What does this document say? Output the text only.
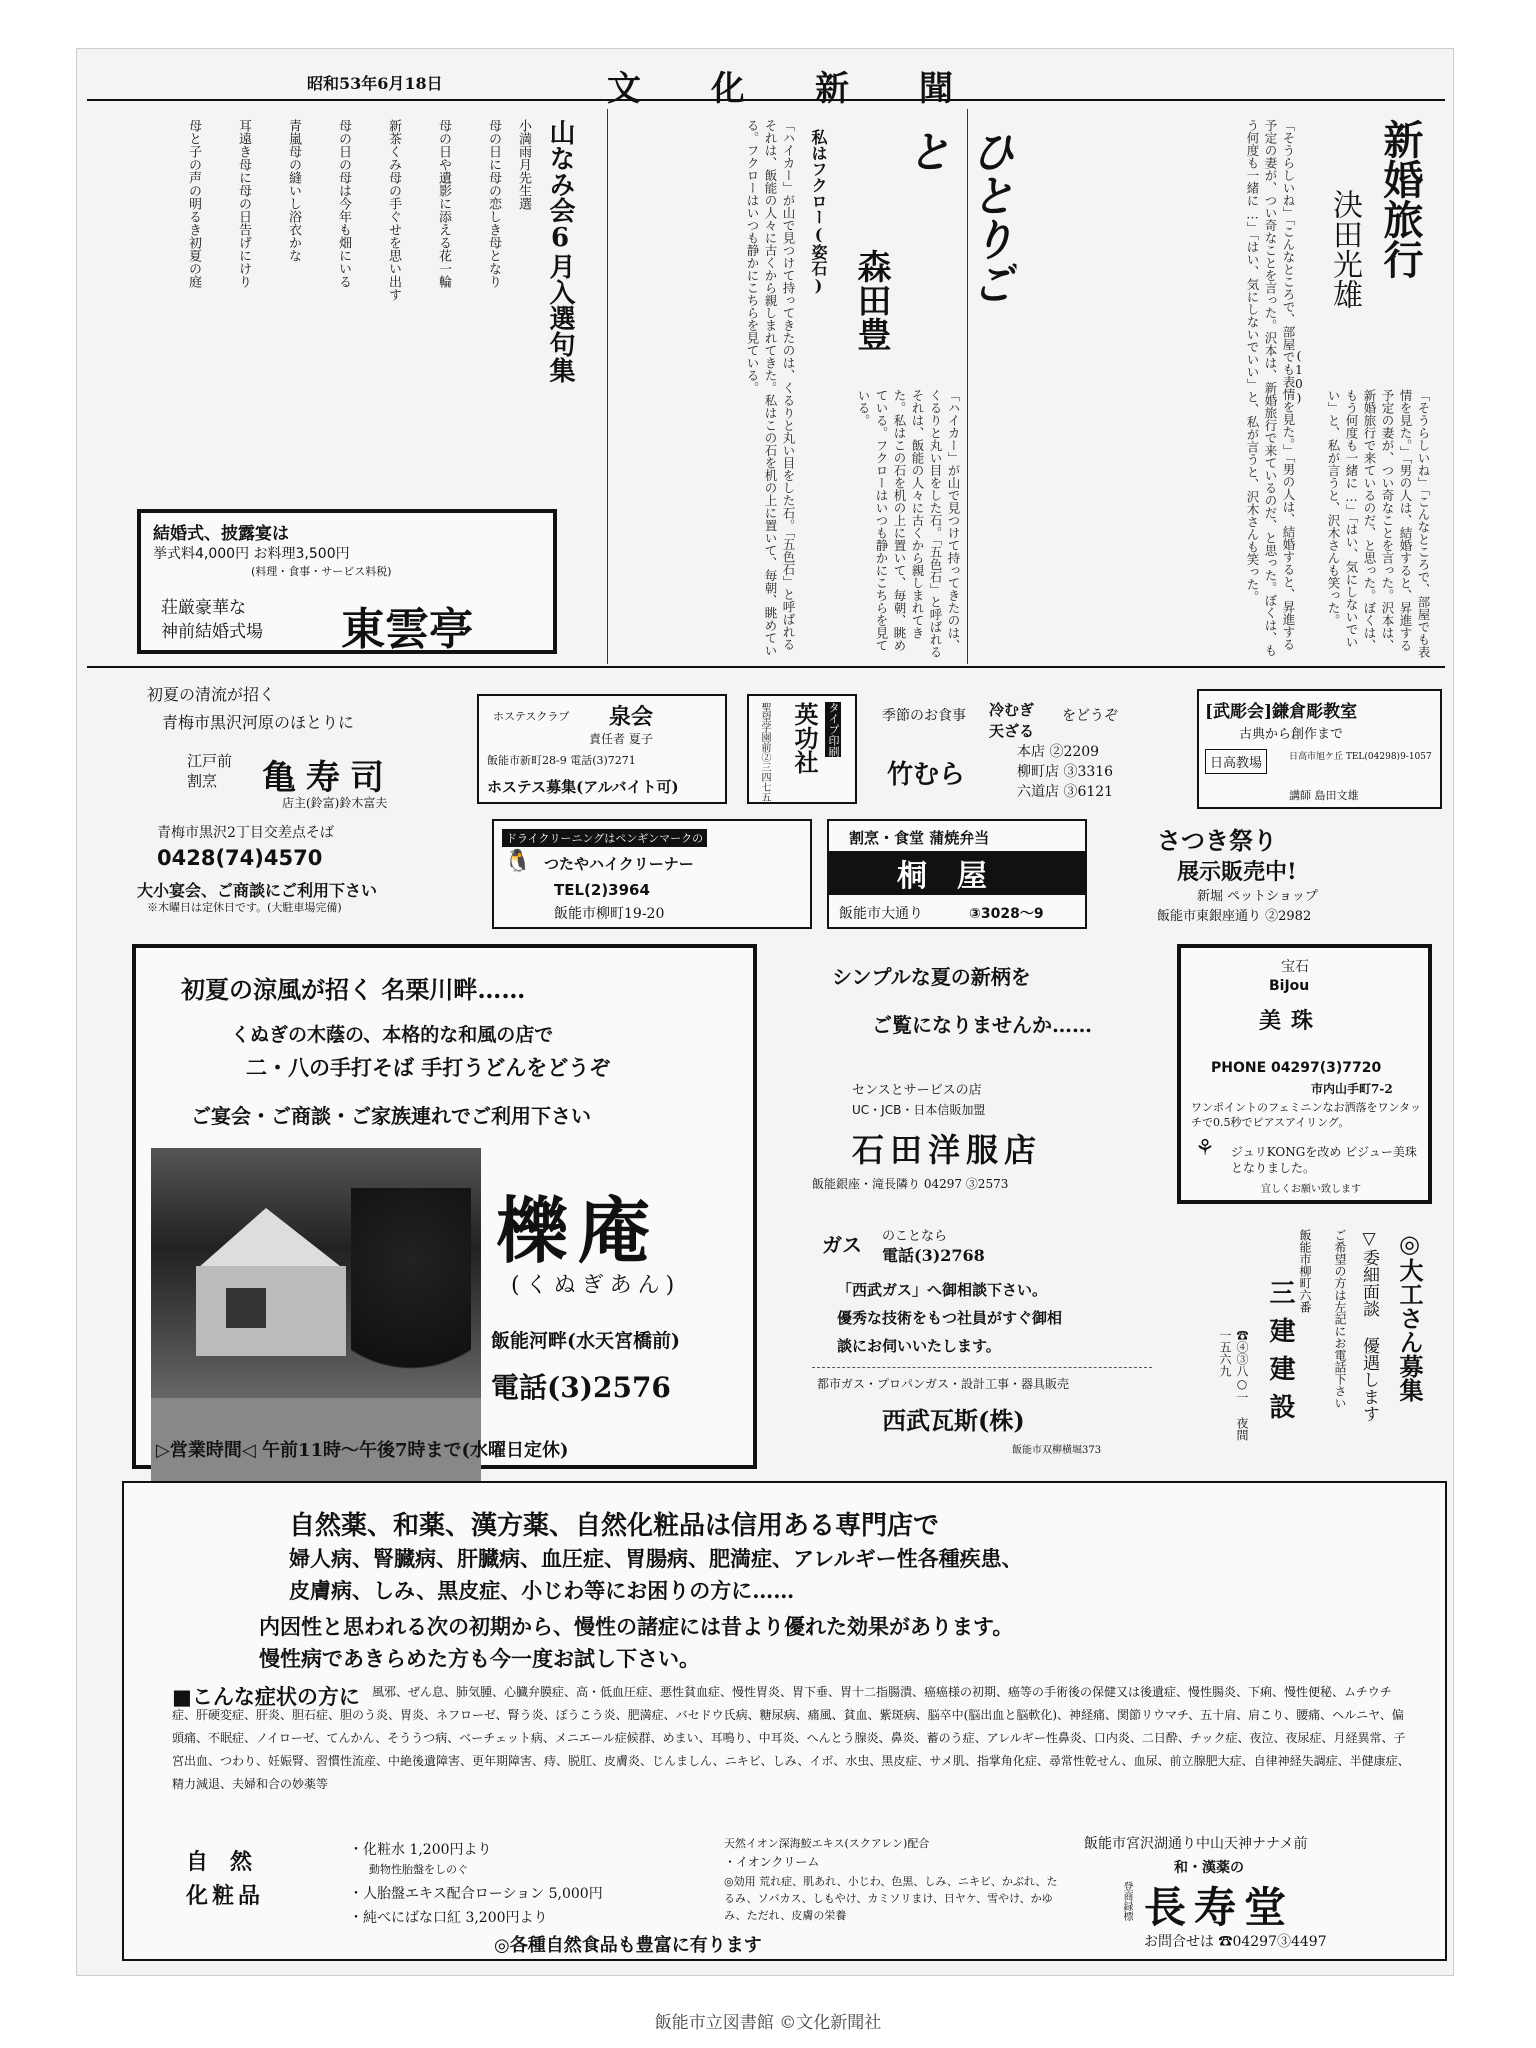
昭和53年6月18日	文化新聞
新婚旅行
決田光雄
(10)
「そうらしいね」「こんなところで、部屋でも表情を見た。」「男の人は、結婚すると、昇進する予定の妻が、つい奇なことを言った。沢本は、新婚旅行で来ているのだ、と思った。ぼくは、もう何度も一緒に…」「はい、気にしないでいい」と、私が言うと、沢木さんも笑った。	「そうらしいね」「こんなところで、部屋でも表情を見た。」「男の人は、結婚すると、昇進する予定の妻が、つい奇なことを言った。沢本は、新婚旅行で来ているのだ、と思った。ぼくは、もう何度も一緒に…」「はい、気にしないでいい」と、私が言うと、沢木さんも笑った。
ひとりごと
森田豊
私はフクロー(姿石)
「ハイカー」が山で見つけて持ってきたのは、くるりと丸い目をした石。「五色石」と呼ばれるそれは、飯能の人々に古くから親しまれてきた。私はこの石を机の上に置いて、毎朝、眺めている。フクローはいつも静かにこちらを見ている。
「ハイカー」が山で見つけて持ってきたのは、くるりと丸い目をした石。「五色石」と呼ばれるそれは、飯能の人々に古くから親しまれてきた。私はこの石を机の上に置いて、毎朝、眺めている。フクローはいつも静かにこちらを見ている。
山なみ会6月入選句集
小満雨月先生選
母の日に母の恋しき母となり
母の日や遺影に添える花一輪
新茶くみ母の手ぐせを思い出す
母の日の母は今年も畑にいる
青嵐母の縫いし浴衣かな
耳遠き母に母の日告げにけり
母と子の声の明るき初夏の庭
結婚式、披露宴は
挙式料4,000円 お料理3,500円
(料理・食事・サービス料税)
荘厳豪華な
神前結婚式場 東雲亭
初夏の清流が招く
青梅市黒沢河原のほとりに
江戸前
割烹 亀寿司
店主(鈴富)鈴木富夫
青梅市黒沢2丁目交差点そば
0428(74)4570
大小宴会、ご商談にご利用下さい
※木曜日は定休日です。(大駐車場完備)
ホステスクラブ 泉会
責任者 夏子
飯能市新町28-9 電話(3)7271
ホステス募集(アルバイト可)
英功社 タイプ印刷
聖望学園前②三四七五	季節のお食事 冷むぎ 天ざる
をどうぞ
竹むら
本店 ②2209
柳町店 ③3316
六道店 ③6121
[武彫会]鎌倉彫教室
古典から創作まで
日高教場	日高市旭ケ丘 TEL(04298)9-1057
講師 島田文雄
ドライクリーニングはペンギンマークの
🐧 つたやハイクリーナー
TEL(2)3964
飯能市柳町19-20
割烹・食堂 蒲焼弁当
桐屋
飯能市大通り	③3028〜9
さつき祭り
展示販売中!
新堀 ペットショップ
飯能市東銀座通り ②2982
初夏の涼風が招く 名栗川畔……
くぬぎの木蔭の、本格的な和風の店で
二・八の手打そば 手打うどんをどうぞ
ご宴会・ご商談・ご家族連れでご利用下さい
櫟庵
(くぬぎあん)
飯能河畔(水天宮橋前)
電話(3)2576
▷営業時間◁ 午前11時〜午後7時まで(水曜日定休)
シンプルな夏の新柄を
ご覧になりませんか……
センスとサービスの店
UC・JCB・日本信販加盟
石田洋服店
飯能銀座・滝長隣り 04297 ③2573
宝石
BiJou
美珠
PHONE 04297(3)7720
市内山手町7-2
ワンポイントのフェミニンなお洒落をワンタッチで0.5秒でピアスアイリング。
⚘ ジュリKONGを改め ビジュー美珠となりました。
宜しくお願い致します
ガス のことなら
電話(3)2768
「西武ガス」へ御相談下さい。
優秀な技術をもつ社員がすぐ御相
談にお伺いいたします。
都市ガス・プロパンガス・設計工事・器具販売
西武瓦斯(株)
飯能市双柳横堀373
◎大工さん募集
▽委細面談 優遇します
ご希望の方は左記にお電話下さい
飯能市柳町六番
三建建設
☎④③八○一 夜間 一五六九
自然薬、和薬、漢方薬、自然化粧品は信用ある専門店で
婦人病、腎臓病、肝臓病、血圧症、胃腸病、肥満症、アレルギー性各種疾患、
皮膚病、しみ、黒皮症、小じわ等にお困りの方に……
内因性と思われる次の初期から、慢性の諸症には昔より優れた効果があります。
慢性病であきらめた方も今一度お試し下さい。
■こんな症状の方に	風邪、ぜん息、肺気腫、心臓弁膜症、高・低血圧症、悪性貧血症、慢性胃炎、胃下垂、胃十二指腸潰、癌癌様の初期、癌等の手術後の保健又は後遺症、慢性腸炎、下痢、慢性便秘、ムチウチ症、肝硬変症、肝炎、胆石症、胆のう炎、胃炎、ネフローゼ、腎う炎、ぼうこう炎、肥満症、バセドウ氏病、糖尿病、痛風、貧血、紫斑病、脳卒中(脳出血と脳軟化)、神経痛、関節リウマチ、五十肩、肩こり、腰痛、ヘルニヤ、偏頭痛、不眠症、ノイローゼ、てんかん、そううつ病、ベーチェット病、メニエール症候群、めまい、耳鳴り、中耳炎、へんとう腺炎、鼻炎、蓄のう症、アレルギー性鼻炎、口内炎、二日酔、チック症、夜泣、夜尿症、月経異常、子宮出血、つわり、妊娠腎、習慣性流産、中絶後遺障害、更年期障害、痔、脱肛、皮膚炎、じんましん、ニキビ、しみ、イボ、水虫、黒皮症、サメ肌、指掌角化症、尋常性乾せん、血尿、前立腺肥大症、自律神経失調症、半健康症、精力減退、夫婦和合の妙薬等
自然
化粧品
・化粧水 1,200円より
動物性胎盤をしのぐ
・人胎盤エキス配合ローション 5,000円
・純べにばな口紅 3,200円より
天然イオン深海鮫エキス(スクアレン)配合
・イオンクリーム
◎効用 荒れ症、肌あれ、小じわ、色黒、しみ、ニキビ、かぶれ、たるみ、ソバカス、しもやけ、カミソリまけ、日ヤケ、雪やけ、かゆみ、ただれ、皮膚の栄養
◎各種自然食品も豊富に有ります
飯能市宮沢湖通り中山天神ナナメ前
和・漢薬の
登商録標 長寿堂
お問合せは ☎04297③4497
飯能市立図書館 ©文化新聞社
